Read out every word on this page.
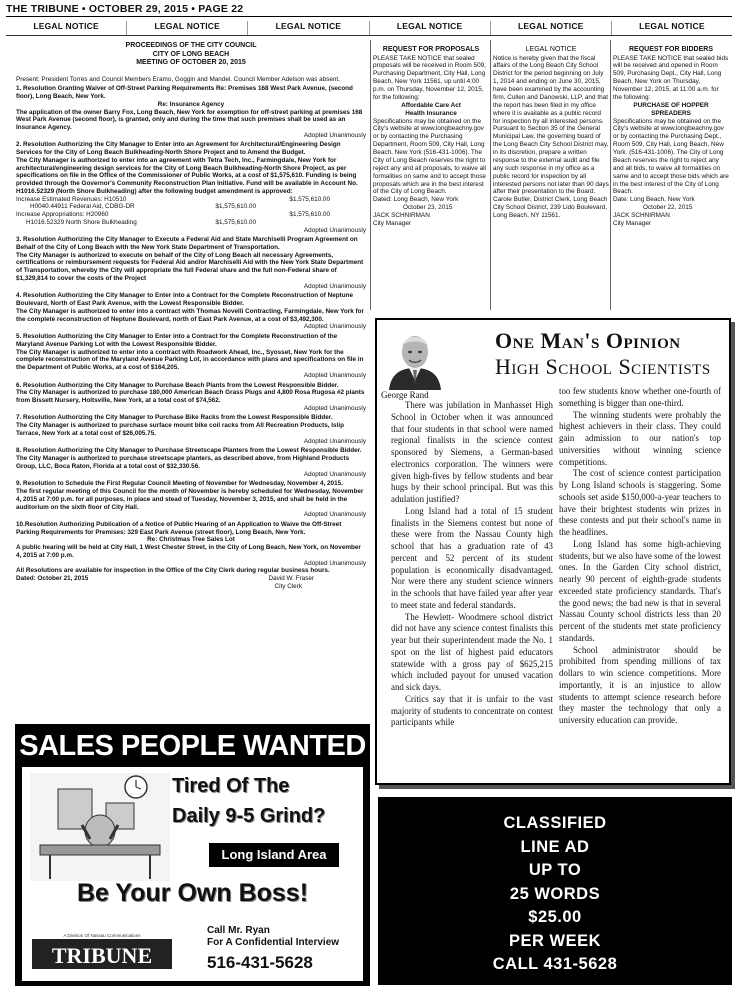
THE TRIBUNE • OCTOBER 29, 2015 • PAGE 22
LEGAL NOTICE	LEGAL NOTICE	LEGAL NOTICE	LEGAL NOTICE	LEGAL NOTICE	LEGAL NOTICE
PROCEEDINGS OF THE CITY COUNCIL
CITY OF LONG BEACH
MEETING OF OCTOBER 20, 2015

Present: President Torres and Council Members Eramo, Goggin and Mandel. Council Member Adelson was absent.

1. Resolution Granting Waiver of Off-Street Parking Requirements Re: Premises 168 West Park Avenue, (second floor), Long Beach, New York.

Re: Insurance Agency
The application of the owner Barry Fox, Long Beach, New York for exemption for off-street parking at premises 168 West Park Avenue (second floor), is granted, only and during the time that such premises shall be used as an Insurance Agency.
Adopted Unanimously

2. Resolution Authorizing the City Manager to Enter into an Agreement for Architectural/Engineering Design Services for the City of Long Beach Bulkheading-North Shore Project and to Amend the Budget.

The City Manager is authorized to enter into an agreement with Tetra Tech, Inc., Farmingdale, New York for architectural/engineering design services for the City of Long Beach Bulkheading-North Shore Project, as per specifications on file in the Office of the Commissioner of Public Works, at a cost of $1,575,610. Funding is being provided through the Governor's Community Reconstruction Plan Initiative. Fund will be available in Account No. H1016.52329 (North Shore Bulkheading) after the following budget amendment is approved:
Increase Estimated Revenues: H10510	$1,575,610.00
H0040.44911 Federal Aid, CDBG-DR	$1,575,610.00
Increase Appropriations: H20960	$1,575,610.00
H1016.52329 North Shore Bulkheading	$1,575,610.00
Adopted Unanimously

3. Resolution Authorizing the City Manager to Execute a Federal Aid and State Marchiselli Program Agreement on Behalf of the City of Long Beach with the New York State Department of Transportation.

The City Manager is authorized to execute on behalf of the City of Long Beach all necessary Agreements, certifications or reimbursement requests for Federal Aid and/or Marchiselli Aid with the New York State Department of Transportation, whereby the City will appropriate the full Federal share and the full non-Federal share of $1,329,814 to cover the costs of the Project
Adopted Unanimously

4. Resolution Authorizing the City Manager to Enter into a Contract for the Complete Reconstruction of Neptune Boulevard, North of East Park Avenue, with the Lowest Responsible Bidder.

The City Manager is authorized to enter into a contract with Thomas Novelli Contracting, Farmingdale, New York for the complete reconstruction of Neptune Boulevard, north of East Park Avenue, at a cost of $3,492,300.
Adopted Unanimously

5. Resolution Authorizing the City Manager to Enter into a Contract for the Complete Reconstruction of the Maryland Avenue Parking Lot with the Lowest Responsible Bidder.

The City Manager is authorized to enter into a contract with Roadwork Ahead, Inc., Syosset, New York for the complete reconstruction of the Maryland Avenue Parking Lot, in accordance with plans and specifications on file in the Department of Public Works, at a cost of $164,205.
Adopted Unanimously

6. Resolution Authorizing the City Manager to Purchase Beach Plants from the Lowest Responsible Bidder.

The City Manager is authorized to purchase 180,000 American Beach Grass Plugs and 4,800 Rosa Rugosa #2 plants from Bissett Nursery, Holtsville, New York, at a total cost of $74,562.
Adopted Unanimously

7. Resolution Authorizing the City Manager to Purchase Bike Racks from the Lowest Responsible Bidder.

The City Manager is authorized to purchase surface mount bike coil racks from All Recreation Products, Islip Terrace, New York at a total cost of $26,005.75.
Adopted Unanimously

8. Resolution Authorizing the City Manager to Purchase Streetscape Planters from the Lowest Responsible Bidder.

The City Manager is authorized to purchase streetscape planters, as described above, from Highland Products Group, LLC, Boca Raton, Florida at a total cost of $32,330.56.
Adopted Unanimously

9. Resolution to Schedule the First Regular Council Meeting of November for Wednesday, November 4, 2015.

The first regular meeting of this Council for the month of November is hereby scheduled for Wednesday, November 4, 2015 at 7:00 p.m. for all purposes, in place and stead of Tuesday, November 3, 2015, and shall be held in the auditorium on the sixth floor of City Hall.
Adopted Unanimously

10.Resolution Authorizing Publication of a Notice of Public Hearing of an Application to Waive the Off-Street Parking Requirements for Premises: 329 East Park Avenue (street floor), Long Beach, New York.

Re: Christmas Tree Sales Lot
A public hearing will be held at City Hall, 1 West Chester Street, in the City of Long Beach, New York, on November 4, 2015 at 7:00 p.m.
Adopted Unanimously
All Resolutions are available for inspection in the Office of the City Clerk during regular business hours.
Dated: October 21, 2015	David W. Fraser
City Clerk
REQUEST FOR PROPOSALS
PLEASE TAKE NOTICE that sealed proposals will be received in Room 509, Purchasing Department, City Hall, Long Beach, New York 11561, up until 4:00 p.m. on Thursday, November 12, 2015, for the following:
Affordable Care Act
Health Insurance
Specifications may be obtained on the City's website at www.longbeachny.gov or by contacting the Purchasing Department, Room 509, City Hall, Long Beach, New York (516-431-1006). The City of Long Beach reserves the right to reject any and all proposals, to waive all formalities on same and to accept those proposals which are in the best interest of the City of Long Beach.
Dated: Long Beach, New York
October 23, 2015
JACK SCHNIRMAN
City Manager
LEGAL NOTICE
Notice is hereby given that the fiscal affairs of the Long Beach City School District for the period beginning on July 1, 2014 and ending on June 30, 2015, have been examined by the accounting firm, Cullen and Danowski, LLP, and that the report has been filed in my office where it is available as a public record for inspection by all interested persons. Pursuant to Section 35 of the General Municipal Law, the governing board of the Long Beach City School District may, in its discretion, prepare a written response to the external audit and file any such response in my office as a public record for inspection by all interested persons not later than 90 days after their presentation to the Board.
Carole Butler, District Clerk, Long Beach City School District, 239 Lido Boulevard, Long Beach, NY 11561.
REQUEST FOR BIDDERS
PLEASE TAKE NOTICE that sealed bids will be received and opened in Room 509, Purchasing Dept., City Hall, Long Beach, New York on Thursday, November 12, 2015, at 11:00 a.m. for the following:
PURCHASE OF HOPPER
SPREADERS
Specifications may be obtained on the City's website at www.longbeachny.gov or by contacting the Purchasing Dept., Room 509, City Hall, Long Beach, New York. (516-431-1006). The City of Long Beach reserves the right to reject any and all bids, to waive all formalities on same and to accept those bids which are in the best interest of the City of Long Beach.
Date: Long Beach, New York
October 22, 2015
JACK SCHNIRMAN
City Manager
George Rand
One Man's Opinion
High School Scientists

There was jubilation in Manhasset High School in October when it was announced that four students in that school were named regional finalists in the science contest sponsored by Siemens, a German-based electronics corporation. The winners were given high-fives by fellow students and bear hugs by their school principal. But was this adulation justified?

Long Island had a total of 15 student finalists in the Siemens contest but none of these were from the Nassau County high school that has a graduation rate of 43 percent and 52 percent of its student population is economically disadvantaged. Nor were there any student science winners in the schools that have failed year after year to meet state and federal standards.

The Hewlett- Woodmere school district did not have any science contest finalists this year but their superintendent made the No. 1 spot on the list of highest paid educators statewide with a gross pay of $625,215 which included payout for unused vacation and sick days.

Critics say that it is unfair to the vast majority of students to concentrate on contest participants while

too few students know whether one-fourth of something is bigger than one-third.

The winning students were probably the highest achievers in their class. They could gain admission to our nation's top universities without winning science competitions.

The cost of science contest participation by Long Island schools is staggering. Some schools set aside $150,000-a-year teachers to have their brightest students win prizes in these contests and put their school's name in the headlines.

Long Island has some high-achieving students, but we also have some of the lowest ones. In the Garden City school district, nearly 90 percent of eighth-grade students exceeded state proficiency standards. That's the good news; the bad new is that in several Nassau County school districts less than 20 percent of the students met state proficiency standards.

School administrator should be prohibited from spending millions of tax dollars to win science competitions. More importantly, it is an injustice to allow students to attempt science research before they master the technology that only a university education can provide.

SALES PEOPLE WANTED
Tired Of The
Daily 9-5 Grind?
Long Island Area
Be Your Own Boss!
TRIBUNE
A Division Of Nassau Communications	Call Mr. Ryan
For A Confidential Interview
516-431-5628
CLASSIFIED
LINE AD
UP TO
25 WORDS
$25.00
PER WEEK
CALL 431-5628
